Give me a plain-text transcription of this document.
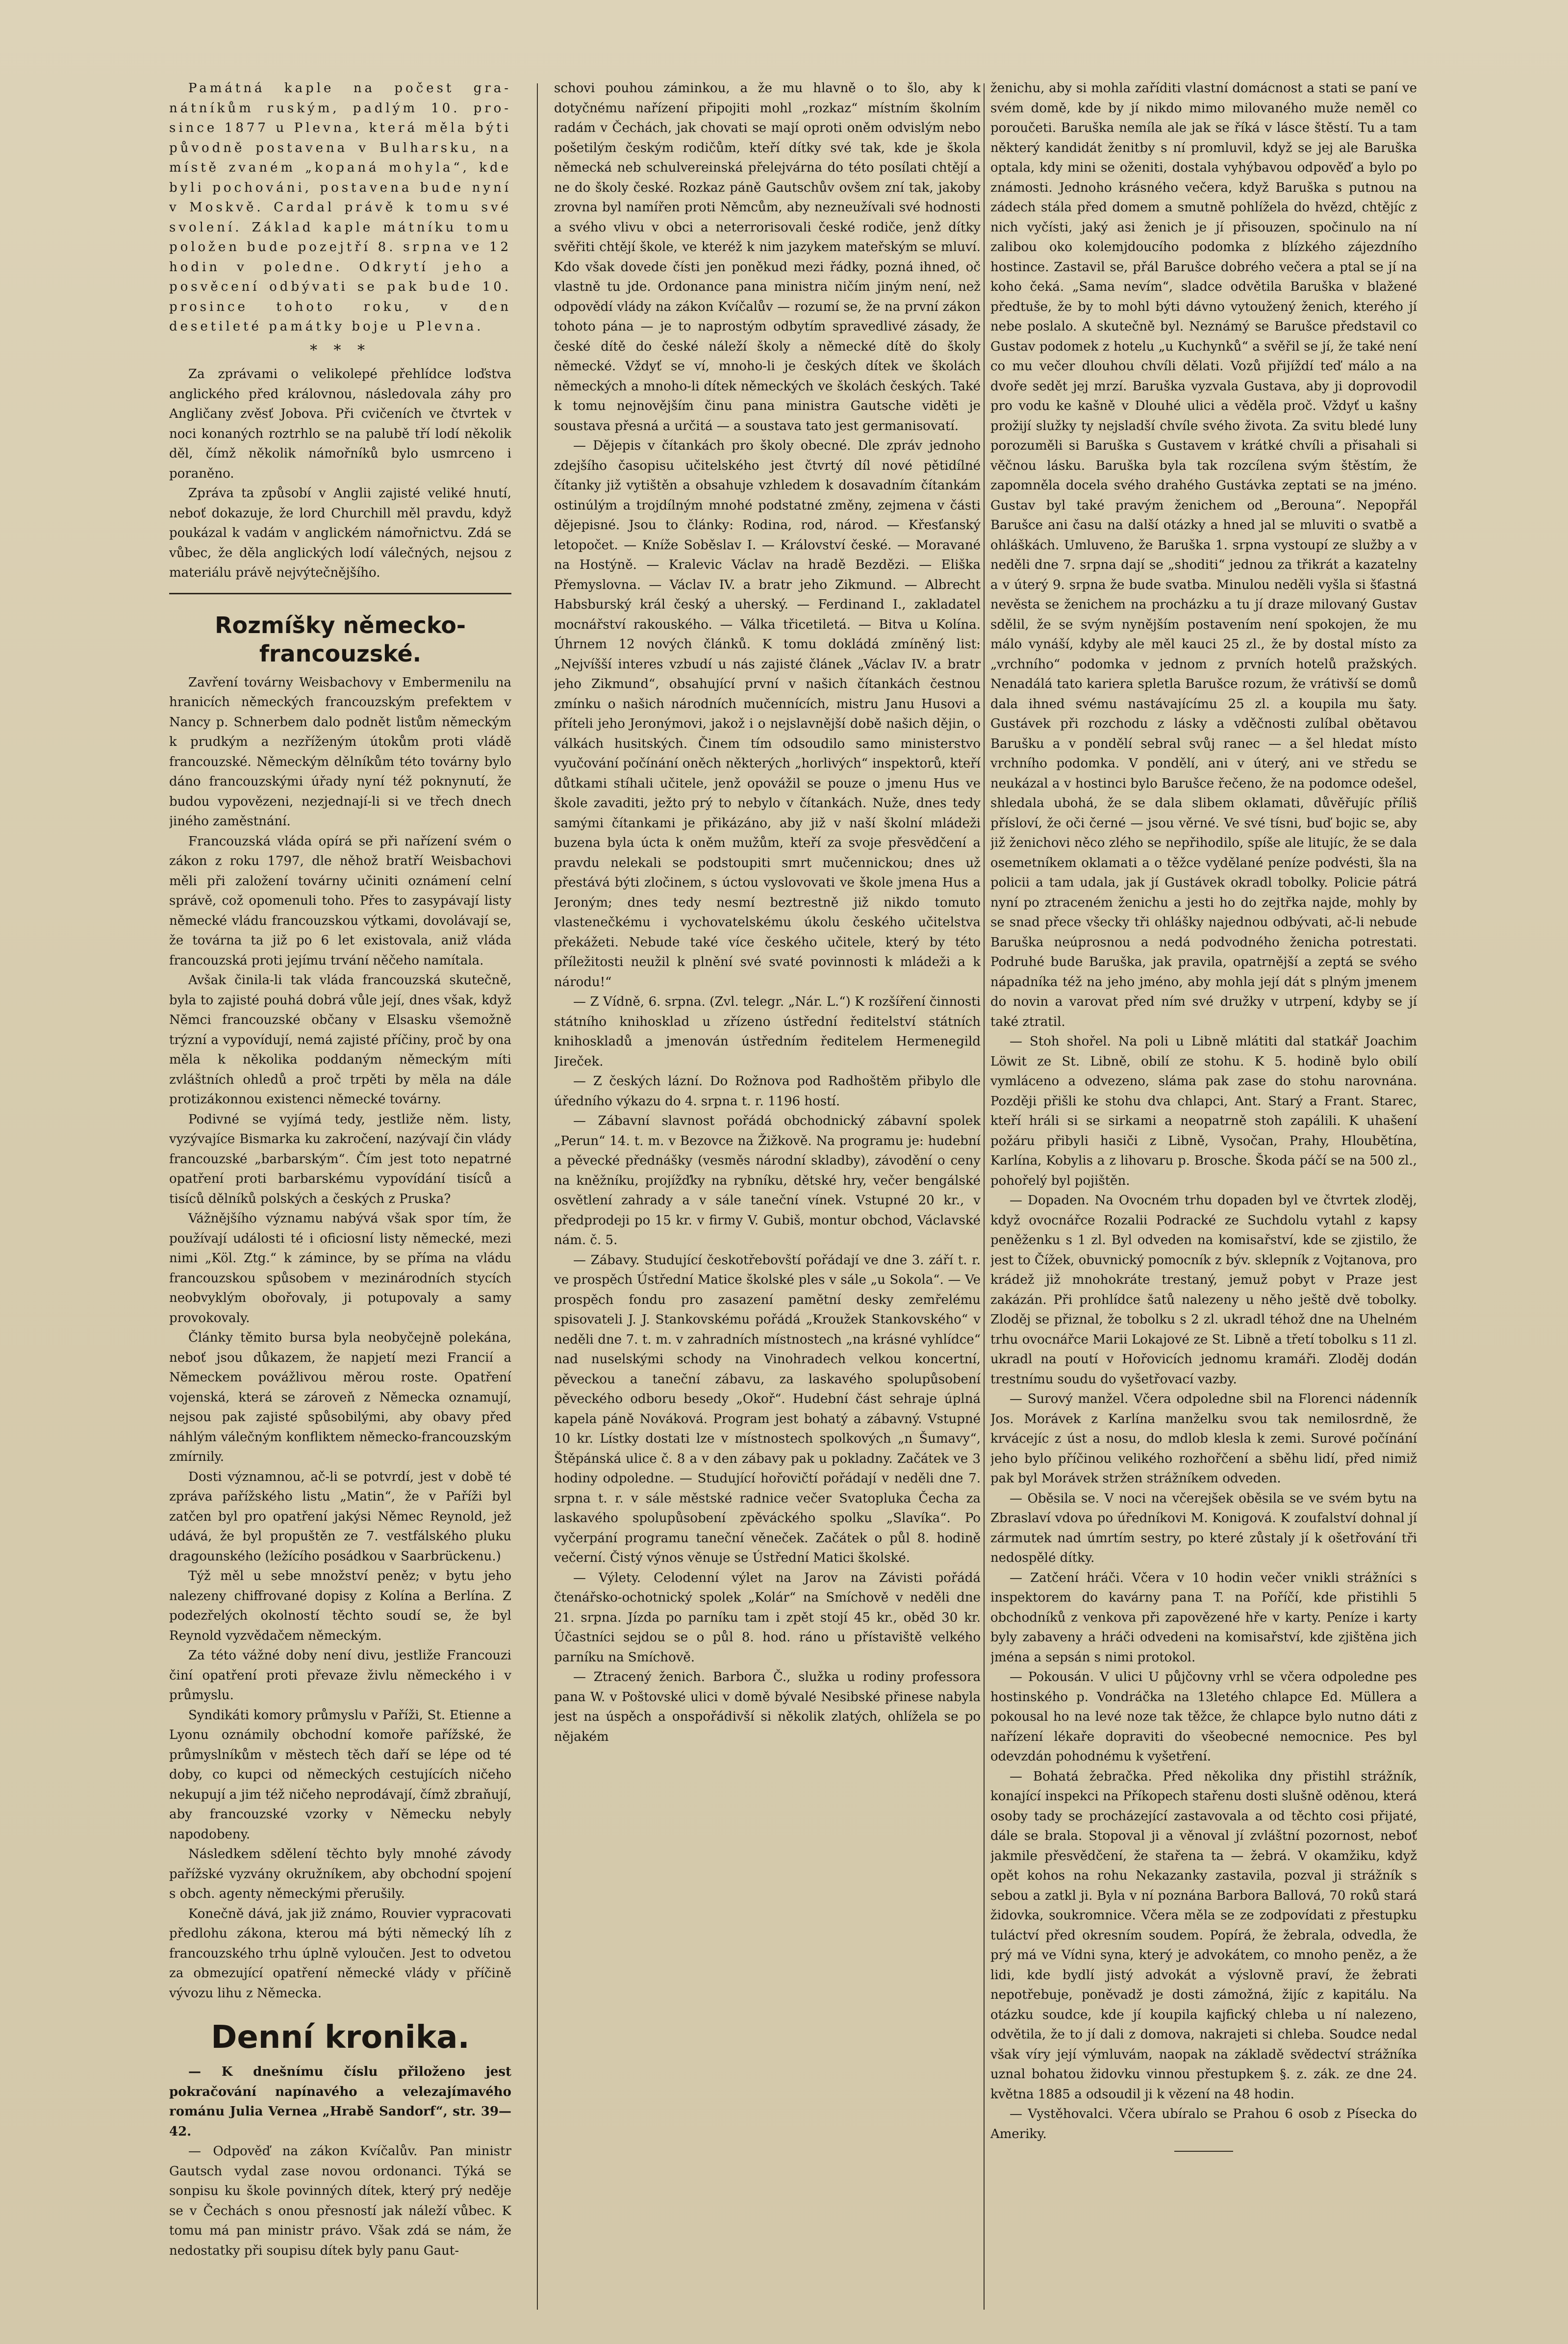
Památná kaple na počest gra-nátníkům ruským, padlým 10. pro-since 1877 u Plevna, která měla býti původně postavena v Bulharsku, na místě zvaném „kopaná mohyla“, kde byli pochováni, postavena bude nyní v Moskvě. Cardal právě k tomu své svolení. Základ kaple mátníku tomu položen bude pozejtří 8. srpna ve 12 hodin v poledne. Odkrytí jeho a posvěcení odbývati se pak bude 10. prosince tohoto roku, v den desetileté památky boje u Plevna.

* * *

Za zprávami o velikolepé přehlídce loďstva anglického před královnou, následovala záhy pro Angličany zvěsť Jobova. Při cvičeních ve čtvrtek v noci konaných roztrhlo se na palubě tří lodí několik děl, čímž několik námořníků bylo usmrceno i poraněno.

Zpráva ta způsobí v Anglii zajisté veliké hnutí, neboť dokazuje, že lord Churchill měl pravdu, když poukázal k vadám v anglickém námořnictvu. Zdá se vůbec, že děla anglických lodí válečných, nejsou z materiálu právě nejvýtečnějšího.

Rozmíšky německo-francouzské.

Zavření továrny Weisbachovy v Embermenilu na hranicích německých francouzským prefektem v Nancy p. Schnerbem dalo podnět listům německým k prudkým a nezříženým útokům proti vládě francouzské. Německým dělníkům této továrny bylo dáno francouzskými úřady nyní též poknynutí, že budou vypovězeni, nezjednají-li si ve třech dnech jiného zaměstnání.

Francouzská vláda opírá se při nařízení svém o zákon z roku 1797, dle něhož bratří Weisbachovi měli při založení továrny učiniti oznámení celní správě, což opomenuli toho. Přes to zasypávají listy německé vládu francouzskou výtkami, dovolávají se, že továrna ta již po 6 let existovala, aniž vláda francouzská proti jejímu trvání něčeho namítala.

Avšak činila-li tak vláda francouzská skutečně, byla to zajisté pouhá dobrá vůle její, dnes však, když Němci francouzské občany v Elsasku všemožně trýzní a vypovídují, nemá zajisté příčiny, proč by ona měla k několika poddaným německým míti zvláštních ohledů a proč trpěti by měla na dále protizákonnou existenci německé továrny.

Podivné se vyjímá tedy, jestliže něm. listy, vyzývajíce Bismarka ku zakročení, nazývají čin vlády francouzské „barbarským“. Čím jest toto nepatrné opatření proti barbarskému vypovídání tisíců a tisíců dělníků polských a českých z Pruska?

Vážnějšího významu nabývá však spor tím, že používají události té i oficiosní listy německé, mezi nimi „Köl. Ztg.“ k zámince, by se příma na vládu francouzskou spůsobem v mezinárodních stycích neobvyklým obořovaly, ji potupovaly a samy provokovaly.

Články těmito bursa byla neobyčejně polekána, neboť jsou důkazem, že napjetí mezi Francií a Německem povážlivou měrou roste. Opatření vojenská, která se zároveň z Německa oznamují, nejsou pak zajisté spůsobilými, aby obavy před náhlým válečným konfliktem německo-francouzským zmírnily.

Dosti významnou, ač-li se potvrdí, jest v době té zpráva pařížského listu „Matin“, že v Paříži byl zatčen byl pro opatření jakýsi Němec Reynold, jež udává, že byl propuštěn ze 7. vestfálského pluku dragounského (ležícího posádkou v Saarbrückenu.)

Týž měl u sebe množství peněz; v bytu jeho nalezeny chiffrované dopisy z Kolína a Berlína. Z podezřelých okolností těchto soudí se, že byl Reynold vyzvědačem německým.

Za této vážné doby není divu, jestliže Francouzi činí opatření proti převaze živlu německého i v průmyslu.

Syndikáti komory průmyslu v Paříži, St. Etienne a Lyonu oznámily obchodní komoře pařížské, že průmyslníkům v městech těch daří se lépe od té doby, co kupci od německých cestujících ničeho nekupují a jim též ničeho neprodávají, čímž zbraňují, aby francouzské vzorky v Německu nebyly napodobeny.

Následkem sdělení těchto byly mnohé závody pařížské vyzvány okružníkem, aby obchodní spojení s obch. agenty německými přerušily.

Konečně dává, jak již známo, Rouvier vypracovati předlohu zákona, kterou má býti německý líh z francouzského trhu úplně vyloučen. Jest to odvetou za obmezující opatření německé vlády v příčině vývozu lihu z Německa.

Denní kronika.

— K dnešnímu číslu přiloženo jest pokračování napínavého a velezajímavého románu Julia Vernea „Hrabě Sandorf“, str. 39—42.

— Odpověď na zákon Kvíčalův. Pan ministr Gautsch vydal zase novou ordonanci. Týká se sonpisu ku škole povinných dítek, který prý neděje se v Čechách s onou přesností jak náleží vůbec. K tomu má pan ministr právo. Však zdá se nám, že nedostatky při soupisu dítek byly panu Gaut-

schovi pouhou záminkou, a že mu hlavně o to šlo, aby k dotyčnému nařízení připojiti mohl „rozkaz“ místním školním radám v Čechách, jak chovati se mají oproti oněm odvislým nebo pošetilým českým rodičům, kteří dítky své tak, kde je škola německá neb schulvereinská přelejvárna do této posílati chtějí a ne do školy české. Rozkaz páně Gautschův ovšem zní tak, jakoby zrovna byl namířen proti Němcům, aby nezneužívali své hodnosti a svého vlivu v obci a neterrorisovali české rodiče, jenž dítky svěřiti chtějí škole, ve kteréž k nim jazykem mateřským se mluví. Kdo však dovede čísti jen poněkud mezi řádky, pozná ihned, oč vlastně tu jde. Ordonance pana ministra ničím jiným není, než odpovědí vlády na zákon Kvíčalův — rozumí se, že na první zákon tohoto pána — je to naprostým odbytím spravedlivé zásady, že české dítě do české náleží školy a německé dítě do školy německé. Vždyť se ví, mnoho-li je českých dítek ve školách německých a mnoho-li dítek německých ve školách českých. Také k tomu nejnovějším činu pana ministra Gautsche viděti je soustava přesná a určitá — a soustava tato jest germanisovatí.

— Dějepis v čítankách pro školy obecné. Dle zpráv jednoho zdejšího časopisu učitelského jest čtvrtý díl nové pětidílné čítanky již vytištěn a obsahuje vzhledem k dosavadním čítankám ostinúlým a trojdílným mnohé podstatné změny, zejmena v části dějepisné. Jsou to články: Rodina, rod, národ. — Křesťanský letopočet. — Kníže Soběslav I. — Království české. — Moravané na Hostýně. — Kralevic Václav na hradě Bezdězi. — Eliška Přemyslovna. — Václav IV. a bratr jeho Zikmund. — Albrecht Habsburský král český a uherský. — Ferdinand I., zakladatel mocnářství rakouského. — Válka třicetiletá. — Bitva u Kolína. Úhrnem 12 nových článků. K tomu dokládá zmíněný list: „Nejvíšší interes vzbudí u nás zajisté článek „Václav IV. a bratr jeho Zikmund“, obsahující první v našich čítankách čestnou zmínku o našich národních mučennících, mistru Janu Husovi a příteli jeho Jeronýmovi, jakož i o nejslavnější době našich dějin, o válkách husitských. Činem tím odsoudilo samo ministerstvo vyučování počínání oněch některých „horlivých“ inspektorů, kteří důtkami stíhali učitele, jenž opovážil se pouze o jmenu Hus ve škole zavaditi, ježto prý to nebylo v čítankách. Nuže, dnes tedy samými čítankami je přikázáno, aby již v naší školní mládeži buzena byla úcta k oněm mužům, kteří za svoje přesvědčení a pravdu nelekali se podstoupiti smrt mučennickou; dnes už přestává býti zločinem, s úctou vyslovovati ve škole jmena Hus a Jeroným; dnes tedy nesmí beztrestně již nikdo tomuto vlastenečkému i vychovatelskému úkolu českého učitelstva překážeti. Nebude také více českého učitele, který by této příležitosti neužil k plnění své svaté povinnosti k mládeži a k národu!“

— Z Vídně, 6. srpna. (Zvl. telegr. „Nár. L.“) K rozšíření činnosti státního knihosklad u zřízeno ústřední ředitelství státních knihoskladů a jmenován ústředním ředitelem Hermenegild Jireček.

— Z českých lázní. Do Rožnova pod Radhoštěm přibylo dle úředního výkazu do 4. srpna t. r. 1196 hostí.

— Zábavní slavnost pořádá obchodnický zábavní spolek „Perun“ 14. t. m. v Bezovce na Žižkově. Na programu je: hudební a pěvecké přednášky (vesměs národní skladby), závodění o ceny na kněžníku, projížďky na rybníku, dětské hry, večer bengálské osvětlení zahrady a v sále taneční vínek. Vstupné 20 kr., v předprodeji po 15 kr. v firmy V. Gubiš, montur obchod, Václavské nám. č. 5.

— Zábavy. Studující českotřebovští pořádají ve dne 3. září t. r. ve prospěch Ústřední Matice školské ples v sále „u Sokola“. — Ve prospěch fondu pro zasazení pamětní desky zemřelému spisovateli J. J. Stankovskému pořádá „Kroužek Stankovského“ v neděli dne 7. t. m. v zahradních místnostech „na krásné vyhlídce“ nad nuselskými schody na Vinohradech velkou koncertní, pěveckou a taneční zábavu, za laskavého spolupůsobení pěveckého odboru besedy „Okoř“. Hudební část sehraje úplná kapela páně Nováková. Program jest bohatý a zábavný. Vstupné 10 kr. Lístky dostati lze v místnostech spolkových „n Šumavy“, Štěpánská ulice č. 8 a v den zábavy pak u pokladny. Začátek ve 3 hodiny odpoledne. — Studující hořovičtí pořádají v neděli dne 7. srpna t. r. v sále městské radnice večer Svatopluka Čecha za laskavého spolupůsobení zpěváckého spolku „Slavíka“. Po vyčerpání programu taneční věneček. Začátek o půl 8. hodině večerní. Čistý výnos věnuje se Ústřední Matici školské.

— Výlety. Celodenní výlet na Jarov na Závisti pořádá čtenářsko-ochotnický spolek „Kolár“ na Smíchově v neděli dne 21. srpna. Jízda po parníku tam i zpět stojí 45 kr., oběd 30 kr. Účastníci sejdou se o půl 8. hod. ráno u přístaviště velkého parníku na Smíchově.

— Ztracený ženich. Barbora Č., služka u rodiny professora pana W. v Poštovské ulici v domě bývalé Nesibské přinese nabyla jest na úspěch a onspořádivší si několik zlatých, ohlížela se po nějakém

ženichu, aby si mohla zaříditi vlastní domácnost a stati se paní ve svém domě, kde by jí nikdo mimo milovaného muže neměl co poroučeti. Baruška nemíla ale jak se říká v lásce štěstí. Tu a tam některý kandidát ženitby s ní promluvil, když se jej ale Baruška optala, kdy mini se oženiti, dostala vyhýbavou odpověď a bylo po známosti. Jednoho krásného večera, když Baruška s putnou na zádech stála před domem a smutně pohlížela do hvězd, chtějíc z nich vyčísti, jaký asi ženich je jí přisouzen, spočinulo na ní zalibou oko kolemjdoucího podomka z blízkého zájezdního hostince. Zastavil se, přál Barušce dobrého večera a ptal se jí na koho čeká. „Sama nevím“, sladce odvětila Baruška v blažené předtuše, že by to mohl býti dávno vytoužený ženich, kterého jí nebe poslalo. A skutečně byl. Neznámý se Barušce představil co Gustav podomek z hotelu „u Kuchynků“ a svěřil se jí, že také není co mu večer dlouhou chvíli dělati. Vozů přijíždí teď málo a na dvoře sedět jej mrzí. Baruška vyzvala Gustava, aby ji doprovodil pro vodu ke kašně v Dlouhé ulici a věděla proč. Vždyť u kašny prožijí služky ty nejsladší chvíle svého života. Za svitu bledé luny porozuměli si Baruška s Gustavem v krátké chvíli a přisahali si věčnou lásku. Baruška byla tak rozcílena svým štěstím, že zapomněla docela svého drahého Gustávka zeptati se na jméno. Gustav byl také pravým ženichem od „Berouna“. Nepopřál Barušce ani času na další otázky a hned jal se mluviti o svatbě a ohláškách. Umluveno, že Baruška 1. srpna vystoupí ze služby a v neděli dne 7. srpna dají se „shoditi“ jednou za třikrát a kazatelny a v úterý 9. srpna že bude svatba. Minulou neděli vyšla si šťastná nevěsta se ženichem na procházku a tu jí draze milovaný Gustav sdělil, že se svým nynějším postavením není spokojen, že mu málo vynáší, kdyby ale měl kauci 25 zl., že by dostal místo za „vrchního“ podomka v jednom z prvních hotelů pražských. Nenadálá tato kariera spletla Barušce rozum, že vrátivší se domů dala ihned svému nastávajícímu 25 zl. a koupila mu šaty. Gustávek při rozchodu z lásky a vděčnosti zulíbal obětavou Barušku a v pondělí sebral svůj ranec — a šel hledat místo vrchního podomka. V pondělí, ani v úterý, ani ve středu se neukázal a v hostinci bylo Barušce řečeno, že na podomce odešel, shledala ubohá, že se dala slibem oklamati, důvěřujíc příliš přísloví, že oči černé — jsou věrné. Ve své tísni, buď bojic se, aby již ženichovi něco zlého se nepřihodilo, spíše ale litujíc, že se dala osemetníkem oklamati a o těžce vydělané peníze podvésti, šla na policii a tam udala, jak jí Gustávek okradl tobolky. Policie pátrá nyní po ztraceném ženichu a jesti ho do zejtřka najde, mohly by se snad přece všecky tři ohlášky najednou odbývati, ač-li nebude Baruška neúprosnou a nedá podvodného ženicha potrestati. Podruhé bude Baruška, jak pravila, opatrnější a zeptá se svého nápadníka též na jeho jméno, aby mohla její dát s plným jmenem do novin a varovat před ním své družky v utrpení, kdyby se jí také ztratil.

— Stoh shořel. Na poli u Libně mlátiti dal statkář Joachim Löwit ze St. Libně, obilí ze stohu. K 5. hodině bylo obilí vymláceno a odvezeno, sláma pak zase do stohu narovnána. Později přišli ke stohu dva chlapci, Ant. Starý a Frant. Starec, kteří hráli si se sirkami a neopatrně stoh zapálili. K uhašení požáru přibyli hasiči z Libně, Vysočan, Prahy, Hloubětína, Karlína, Kobylis a z lihovaru p. Brosche. Škoda páčí se na 500 zl., pohořelý byl pojištěn.

— Dopaden. Na Ovocném trhu dopaden byl ve čtvrtek zloděj, když ovocnářce Rozalii Podracké ze Suchdolu vytahl z kapsy peněženku s 1 zl. Byl odveden na komisařství, kde se zjistilo, že jest to Čížek, obuvnický pomocník z býv. sklepník z Vojtanova, pro krádež již mnohokráte trestaný, jemuž pobyt v Praze jest zakázán. Při prohlídce šatů nalezeny u něho ještě dvě tobolky. Zloděj se přiznal, že tobolku s 2 zl. ukradl téhož dne na Uhelném trhu ovocnářce Marii Lokajové ze St. Libně a třetí tobolku s 11 zl. ukradl na poutí v Hořovicích jednomu kramáři. Zloděj dodán trestnímu soudu do vyšetřovací vazby.

— Surový manžel. Včera odpoledne sbil na Florenci nádenník Jos. Morávek z Karlína manželku svou tak nemilosrdně, že krvácejíc z úst a nosu, do mdlob klesla k zemi. Surové počínání jeho bylo příčinou velikého rozhořčení a sběhu lidí, před nimiž pak byl Morávek stržen strážníkem odveden.

— Oběsila se. V noci na včerejšek oběsila se ve svém bytu na Zbraslaví vdova po úředníkovi M. Konigová. K zoufalství dohnal jí zármutek nad úmrtím sestry, po které zůstaly jí k ošetřování tři nedospělé dítky.

— Zatčení hráči. Včera v 10 hodin večer vnikli strážníci s inspektorem do kavárny pana T. na Poříčí, kde přistihli 5 obchodníků z venkova při zapovězené hře v karty. Peníze i karty byly zabaveny a hráči odvedeni na komisařství, kde zjištěna jich jména a sepsán s nimi protokol.

— Pokousán. V ulici U půjčovny vrhl se včera odpoledne pes hostinského p. Vondráčka na 13letého chlapce Ed. Müllera a pokousal ho na levé noze tak těžce, že chlapce bylo nutno dáti z nařízení lékaře dopraviti do všeobecné nemocnice. Pes byl odevzdán pohodnému k vyšetření.

— Bohatá žebračka. Před několika dny přistihl strážník, konající inspekci na Příkopech stařenu dosti slušně oděnou, která osoby tady se procházející zastavovala a od těchto cosi přijaté, dále se brala. Stopoval ji a věnoval jí zvláštní pozornost, neboť jakmile přesvědčení, že stařena ta — žebrá. V okamžiku, když opět kohos na rohu Nekazanky zastavila, pozval ji strážník s sebou a zatkl ji. Byla v ní poznána Barbora Ballová, 70 roků stará židovka, soukromnice. Včera měla se ze zodpovídati z přestupku tuláctví před okresním soudem. Popírá, že žebrala, odvedla, že prý má ve Vídni syna, který je advokátem, co mnoho peněz, a že lidi, kde bydlí jistý advokát a výslovně praví, že žebrati nepotřebuje, poněvadž je dosti zámožná, žijíc z kapitálu. Na otázku soudce, kde jí koupila kajfický chleba u ní nalezeno, odvětila, že to jí dali z domova, nakrajeti si chleba. Soudce nedal však víry její výmluvám, naopak na základě svědectví strážníka uznal bohatou židovku vinnou přestupkem §. z. zák. ze dne 24. května 1885 a odsoudil ji k vězení na 48 hodin.

— Vystěhovalci. Včera ubíralo se Prahou 6 osob z Písecka do Ameriky.
